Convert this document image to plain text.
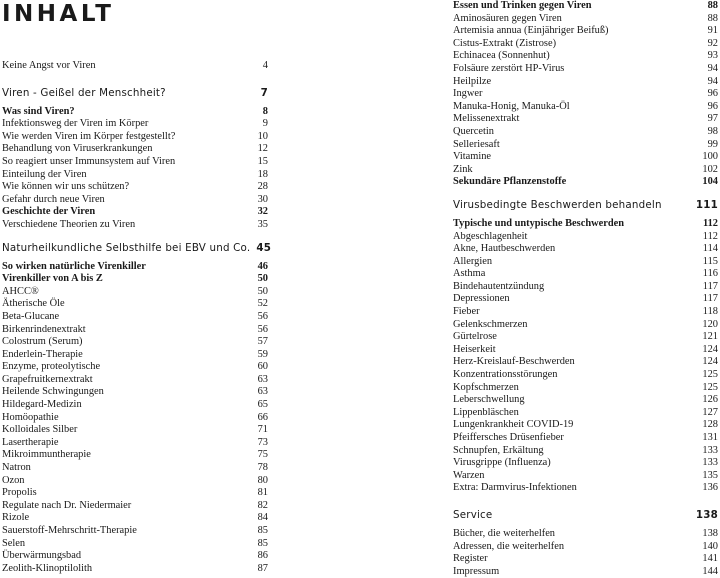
INHALT
Keine Angst vor Viren	4
Viren - Geißel der Menschheit?	7
Was sind Viren?	8
Infektionsweg der Viren im Körper	9
Wie werden Viren im Körper festgestellt?	10
Behandlung von Viruserkrankungen	12
So reagiert unser Immunsystem auf Viren	15
Einteilung der Viren	18
Wie können wir uns schützen?	28
Gefahr durch neue Viren	30
Geschichte der Viren	32
Verschiedene Theorien zu Viren	35
Naturheilkundliche Selbsthilfe bei EBV und Co. 45
So wirken natürliche Virenkiller	46
Virenkiller von A bis Z	50
AHCC®	50
Ätherische Öle	52
Beta-Glucane	56
Birkenrindenextrakt	56
Colostrum (Serum)	57
Enderlein-Therapie	59
Enzyme, proteolytische	60
Grapefruitkernextrakt	63
Heilende Schwingungen	63
Hildegard-Medizin	65
Homöopathie	66
Kolloidales Silber	71
Lasertherapie	73
Mikroimmuntherapie	75
Natron	78
Ozon	80
Propolis	81
Regulate nach Dr. Niedermaier	82
Rizole	84
Sauerstoff-Mehrschritt-Therapie	85
Selen	85
Überwärmungsbad	86
Zeolith-Klinoptilolith	87
Essen und Trinken gegen Viren	88
Aminosäuren gegen Viren	88
Artemisia annua (Einjähriger Beifuß)	91
Cistus-Extrakt (Zistrose)	92
Echinacea (Sonnenhut)	93
Folsäure zerstört HP-Virus	94
Heilpilze	94
Ingwer	96
Manuka-Honig, Manuka-Öl	96
Melissenextrakt	97
Quercetin	98
Selleriesaft	99
Vitamine	100
Zink	102
Sekundäre Pflanzenstoffe	104
Virusbedingte Beschwerden behandeln	111
Typische und untypische Beschwerden	112
Abgeschlagenheit	112
Akne, Hautbeschwerden	114
Allergien	115
Asthma	116
Bindehautentzündung	117
Depressionen	117
Fieber	118
Gelenkschmerzen	120
Gürtelrose	121
Heiserkeit	124
Herz-Kreislauf-Beschwerden	124
Konzentrationsstörungen	125
Kopfschmerzen	125
Leberschwellung	126
Lippenbläschen	127
Lungenkrankheit COVID-19	128
Pfeiffersches Drüsenfieber	131
Schnupfen, Erkältung	133
Virusgrippe (Influenza)	133
Warzen	135
Extra: Darmvirus-Infektionen	136
Service	138
Bücher, die weiterhelfen	138
Adressen, die weiterhelfen	140
Register	141
Impressum	144
